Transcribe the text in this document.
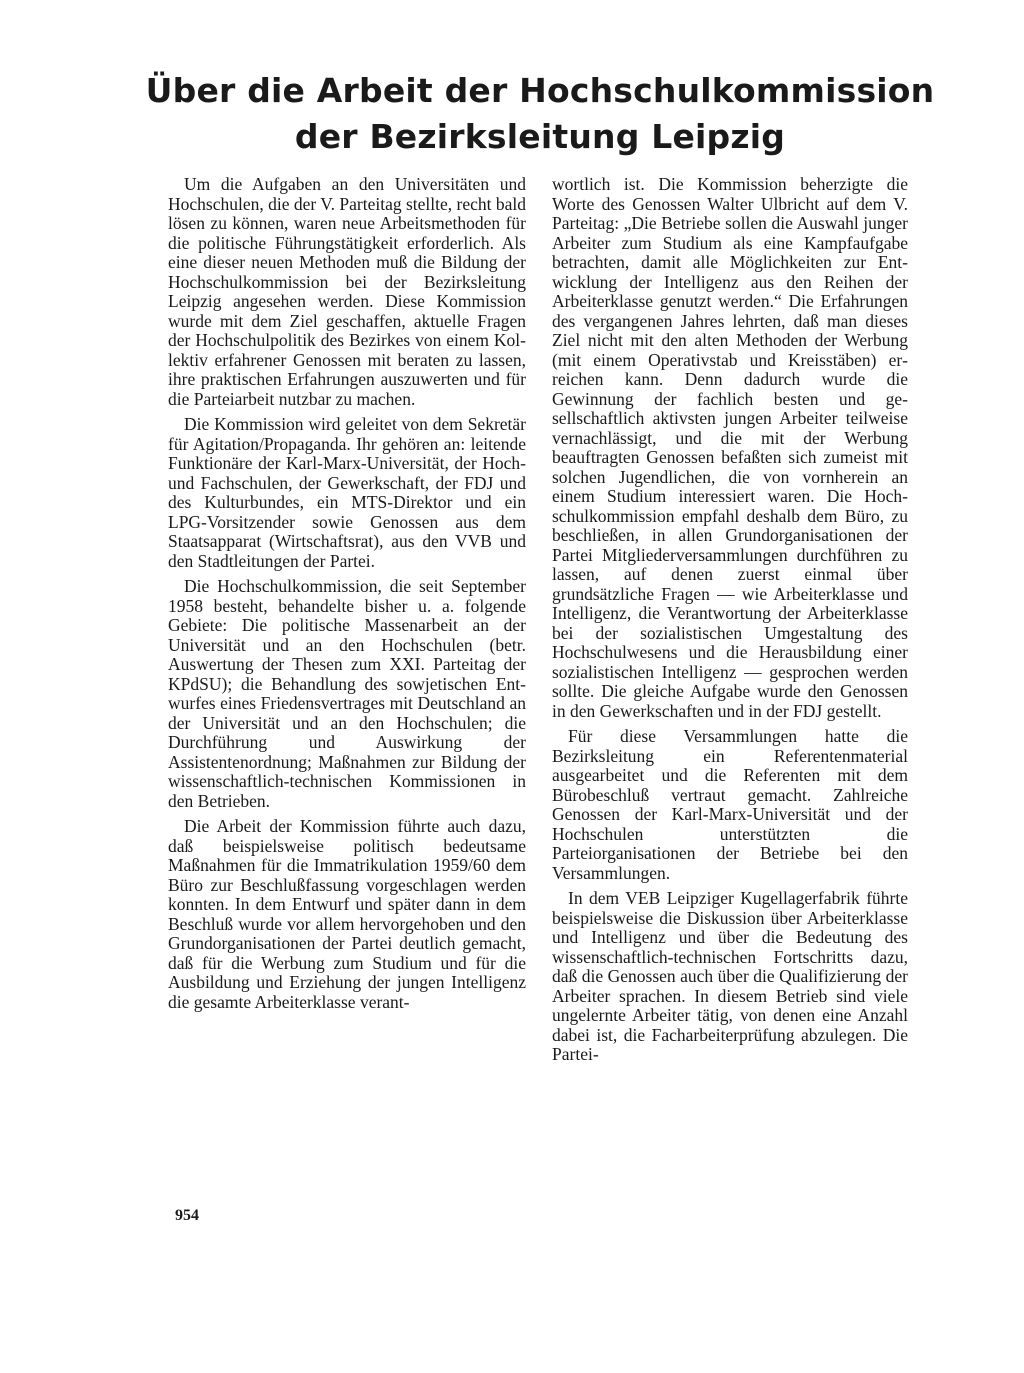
Über die Arbeit der Hochschulkommission
der Bezirksleitung Leipzig

Um die Aufgaben an den Universitäten und Hochschulen, die der V. Parteitag stellte, recht bald lösen zu können, waren neue Arbeitsmethoden für die politische Führungstätigkeit erforderlich. Als eine dieser neuen Methoden muß die Bildung der Hochschulkommission bei der Bezirksleitung Leipzig angesehen werden. Diese Kommission wurde mit dem Ziel geschaffen, aktuelle Fragen der Hochschulpolitik des Bezirkes von einem Kollektiv erfahrener Genossen mit beraten zu lassen, ihre praktischen Erfahrungen auszuwerten und für die Parteiarbeit nutzbar zu machen.

Die Kommission wird geleitet von dem Sekretär für Agitation/Propaganda. Ihr gehören an: leitende Funktionäre der Karl-Marx-Universität, der Hoch- und Fachschulen, der Gewerkschaft, der FDJ und des Kulturbundes, ein MTS-Direktor und ein LPG-Vorsitzender sowie Genossen aus dem Staatsapparat (Wirtschaftsrat), aus den VVB und den Stadtleitungen der Partei.

Die Hochschulkommission, die seit September 1958 besteht, behandelte bisher u. a. folgende Gebiete: Die politische Massenarbeit an der Universität und an den Hochschulen (betr. Auswertung der Thesen zum XXI. Parteitag der KPdSU); die Behandlung des sowjetischen Entwurfes eines Friedensvertrages mit Deutschland an der Universität und an den Hochschulen; die Durchführung und Auswirkung der Assistentenordnung; Maßnahmen zur Bildung der wissenschaftlich-technischen Kommissionen in den Betrieben.

Die Arbeit der Kommission führte auch dazu, daß beispielsweise politisch bedeutsame Maßnahmen für die Immatrikulation 1959/60 dem Büro zur Beschlußfassung vorgeschlagen werden konnten. In dem Entwurf und später dann in dem Beschluß wurde vor allem hervorgehoben und den Grundorganisationen der Partei deutlich gemacht, daß für die Werbung zum Studium und für die Ausbildung und Erziehung der jungen Intelligenz die gesamte Arbeiterklasse verant-

wortlich ist. Die Kommission beherzigte die Worte des Genossen Walter Ulbricht auf dem V. Parteitag: „Die Betriebe sollen die Auswahl junger Arbeiter zum Studium als eine Kampfaufgabe betrachten, damit alle Möglichkeiten zur Entwicklung der Intelligenz aus den Reihen der Arbeiterklasse genutzt werden.“ Die Erfahrungen des vergangenen Jahres lehrten, daß man dieses Ziel nicht mit den alten Methoden der Werbung (mit einem Operativstab und Kreisstäben) erreichen kann. Denn dadurch wurde die Gewinnung der fachlich besten und gesellschaftlich aktivsten jungen Arbeiter teilweise vernachlässigt, und die mit der Werbung beauftragten Genossen befaßten sich zumeist mit solchen Jugendlichen, die von vornherein an einem Studium interessiert waren. Die Hochschulkommission empfahl deshalb dem Büro, zu beschließen, in allen Grundorganisationen der Partei Mitgliederversammlungen durchführen zu lassen, auf denen zuerst einmal über grundsätzliche Fragen — wie Arbeiterklasse und Intelligenz, die Verantwortung der Arbeiterklasse bei der sozialistischen Umgestaltung des Hochschulwesens und die Herausbildung einer sozialistischen Intelligenz — gesprochen werden sollte. Die gleiche Aufgabe wurde den Genossen in den Gewerkschaften und in der FDJ gestellt.

Für diese Versammlungen hatte die Bezirksleitung ein Referentenmaterial ausgearbeitet und die Referenten mit dem Bürobeschluß vertraut gemacht. Zahlreiche Genossen der Karl-Marx-Universität und der Hochschulen unterstützten die Parteiorganisationen der Betriebe bei den Versammlungen.

In dem VEB Leipziger Kugellagerfabrik führte beispielsweise die Diskussion über Arbeiterklasse und Intelligenz und über die Bedeutung des wissenschaftlich-technischen Fortschritts dazu, daß die Genossen auch über die Qualifizierung der Arbeiter sprachen. In diesem Betrieb sind viele ungelernte Arbeiter tätig, von denen eine Anzahl dabei ist, die Facharbeiterprüfung abzulegen. Die Partei-

954
